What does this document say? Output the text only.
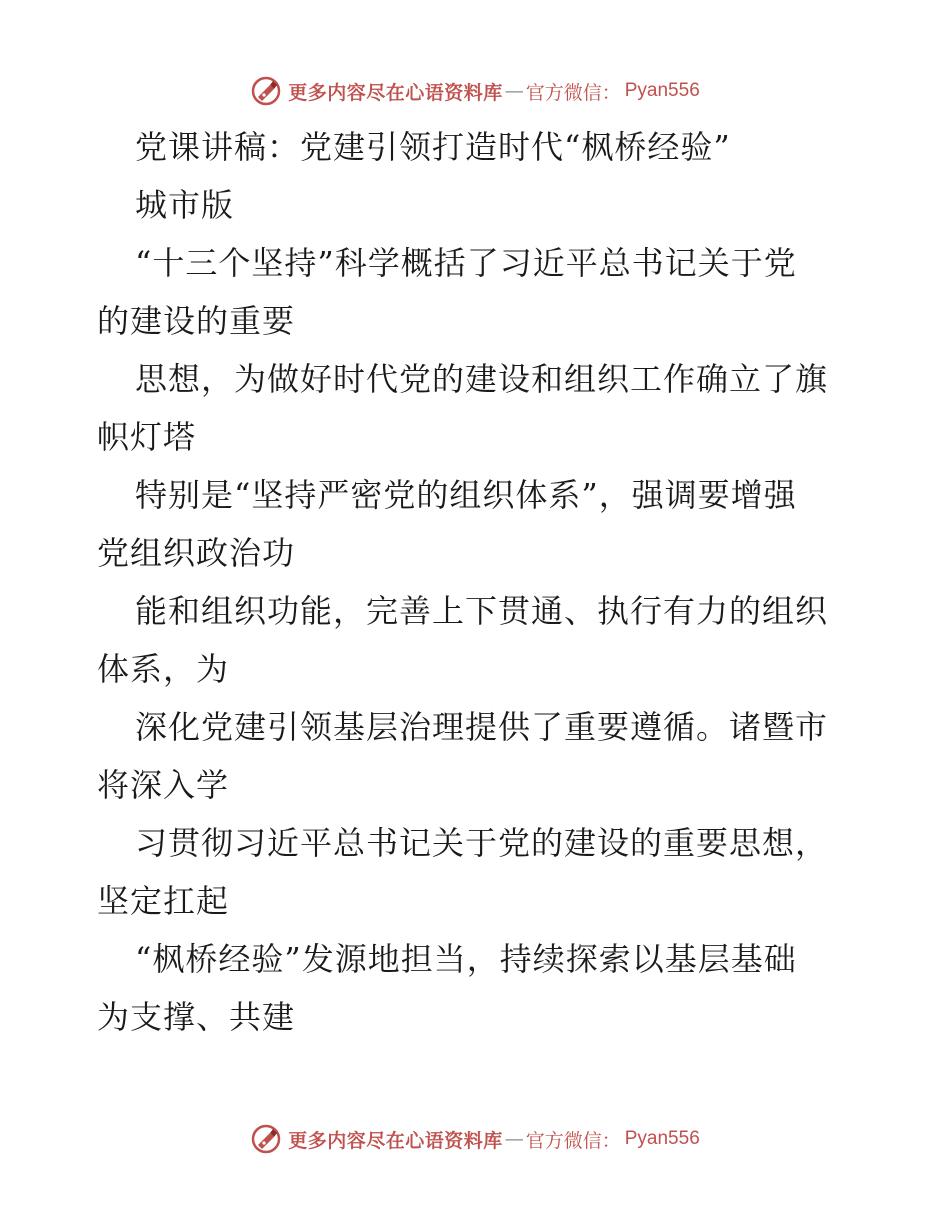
更多内容尽在心语资料库 — 官方微信： Pyan556
党课讲稿：党建引领打造时代“枫桥经验”
城市版
“十三个坚持”科学概括了习近平总书记关于党
的建设的重要
思想，为做好时代党的建设和组织工作确立了旗
帜灯塔
特别是“坚持严密党的组织体系”，强调要增强
党组织政治功
能和组织功能，完善上下贯通、执行有力的组织
体系，为
深化党建引领基层治理提供了重要遵循。诸暨市
将深入学
习贯彻习近平总书记关于党的建设的重要思想，
坚定扛起
“枫桥经验”发源地担当，持续探索以基层基础
为支撑、共建
更多内容尽在心语资料库 — 官方微信： Pyan556
